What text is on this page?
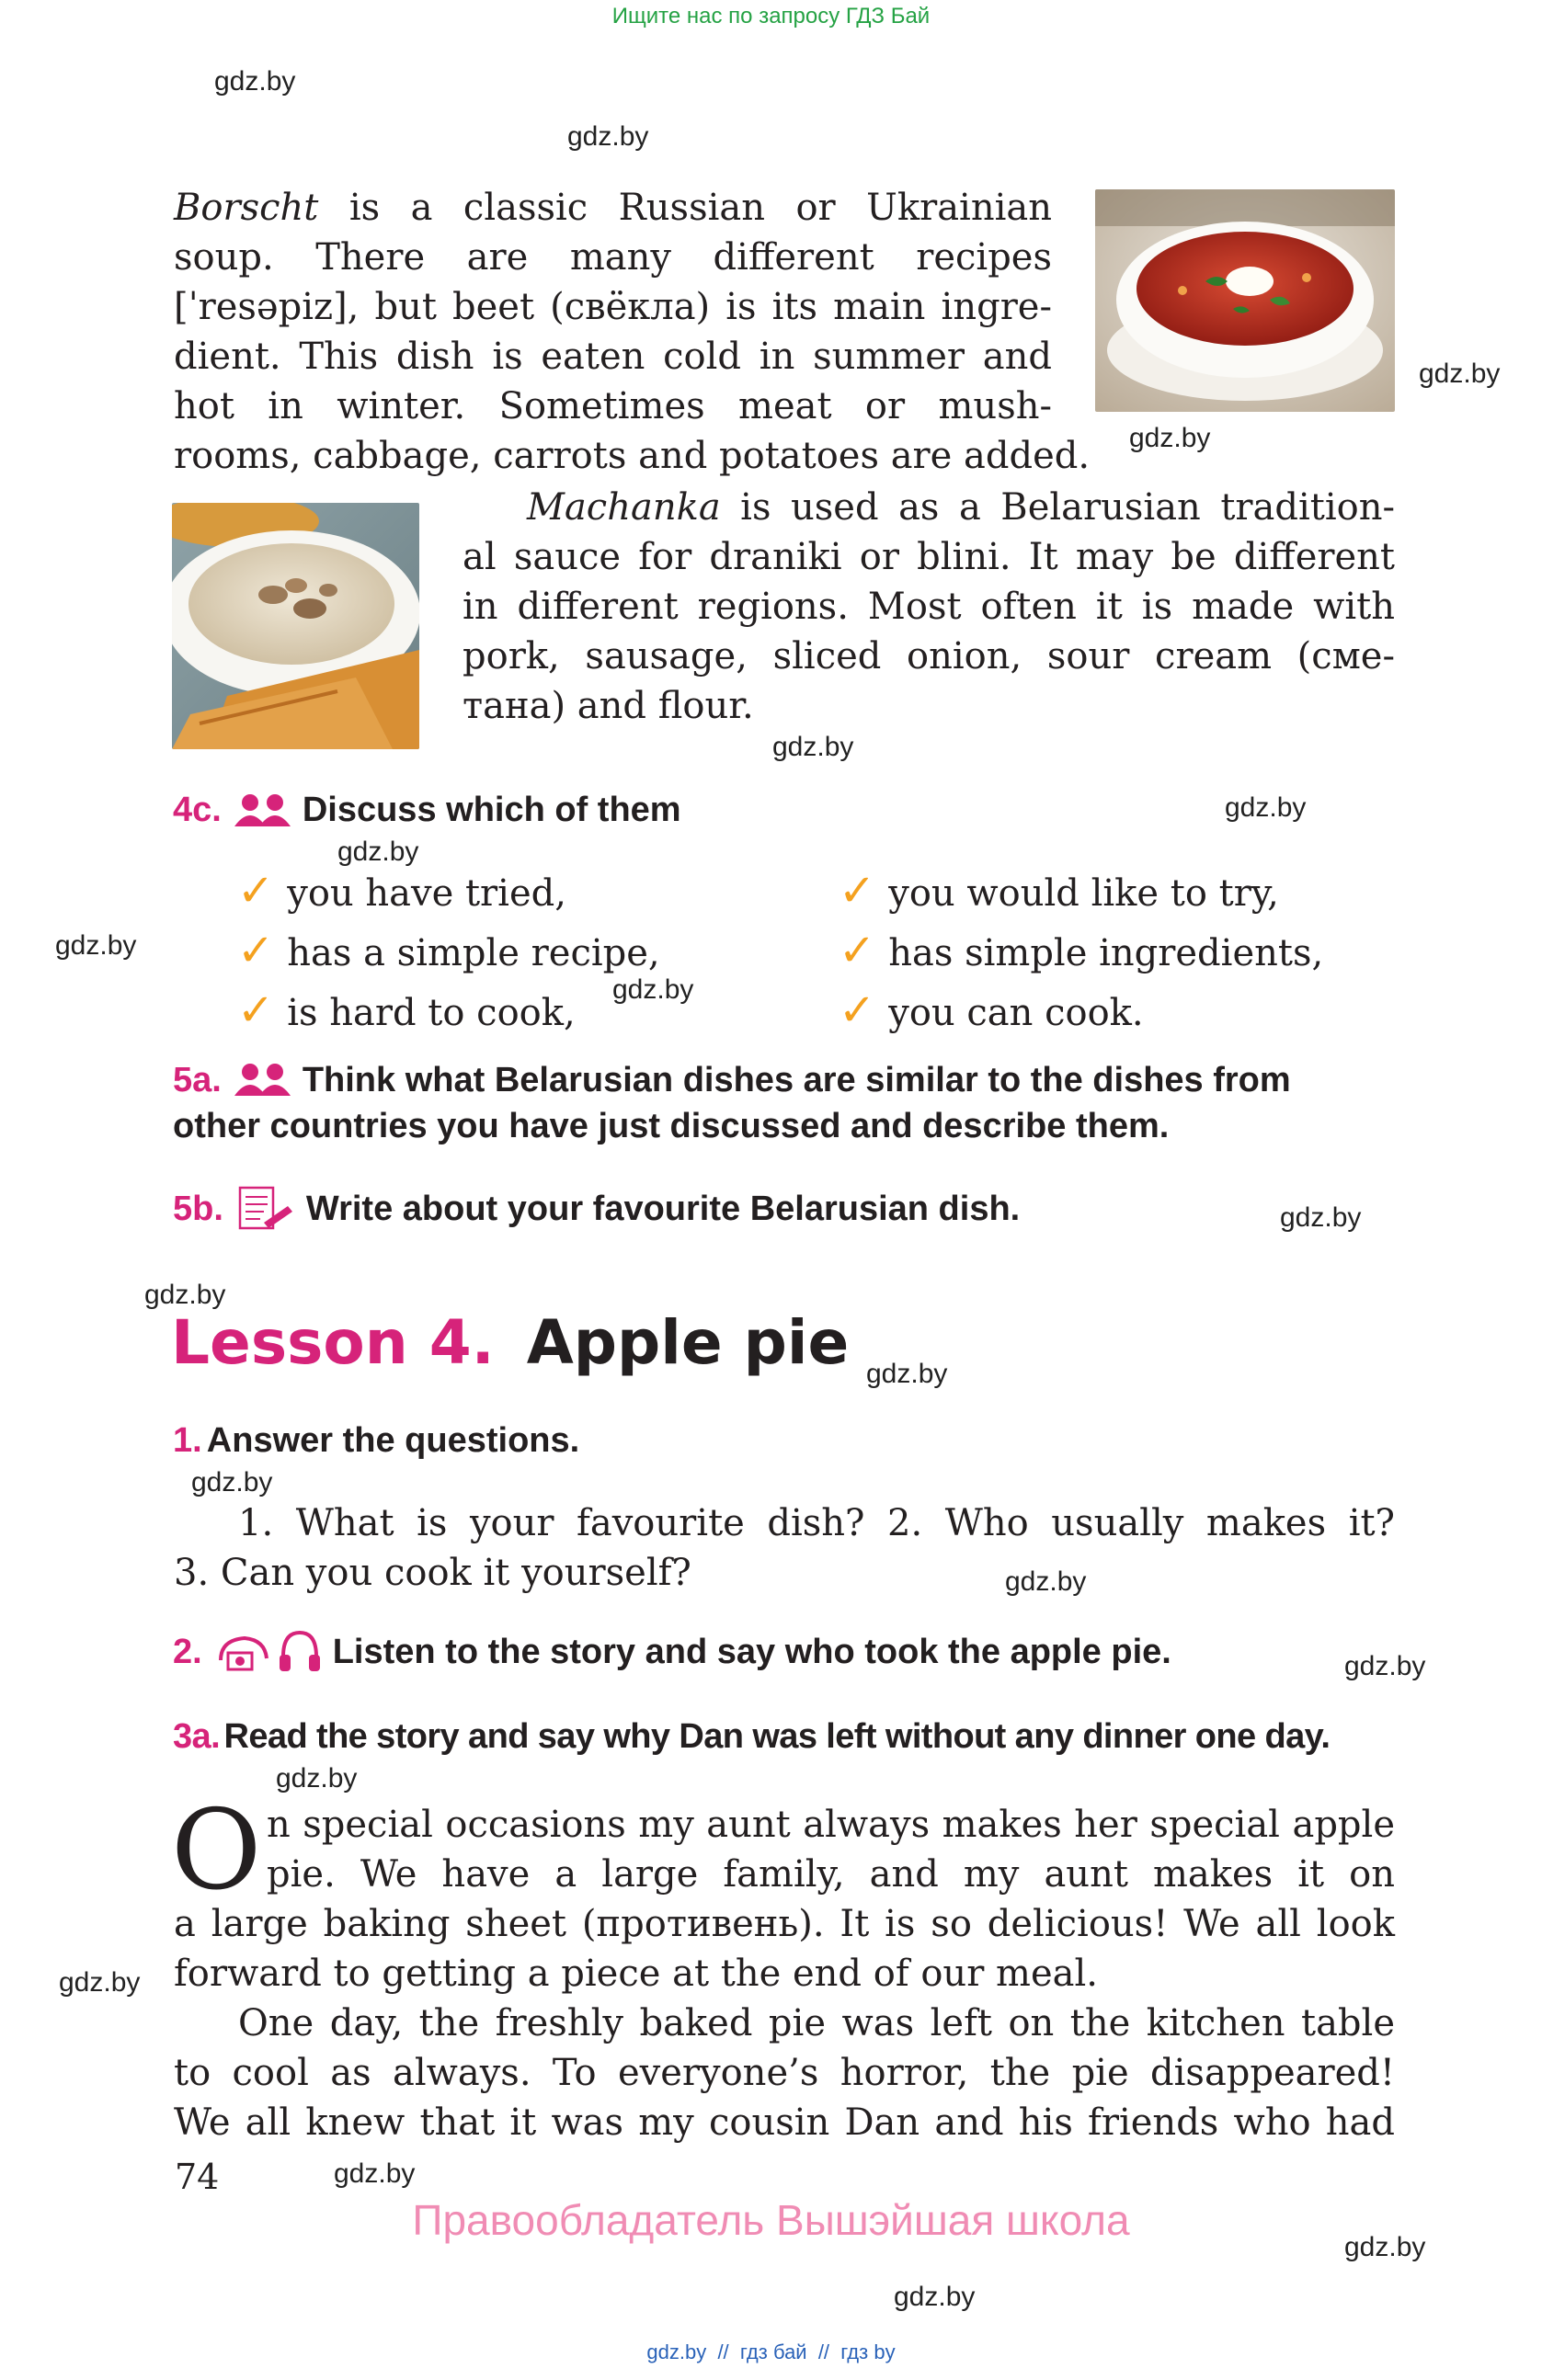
Ищите нас по запросу ГДЗ Бай
gdz.by
gdz.by
gdz.by
gdz.by
gdz.by
gdz.by
gdz.by
gdz.by
gdz.by
gdz.by
gdz.by
gdz.by
gdz.by
gdz.by
gdz.by
gdz.by
gdz.by
gdz.by
gdz.by
gdz.by
Borscht is a classic Russian or Ukrainian
soup. There are many different recipes
[ˈresəpiz], but beet (свёкла) is its main ingre-
dient. This dish is eaten cold in summer and
hot in winter. Sometimes meat or mush-
rooms, cabbage, carrots and potatoes are added.
Machanka is used as a Belarusian tradition-
al sauce for draniki or blini. It may be different
in different regions. Most often it is made with
pork, sausage, sliced onion, sour cream (сме-
тана) and flour.
4c. Discuss which of them
✓ you have tried,
✓ has a simple recipe,
✓ is hard to cook,
✓ you would like to try,
✓ has simple ingredients,
✓ you can cook.
5a. Think what Belarusian dishes are similar to the dishes from
other countries you have just discussed and describe them.
5b. Write about your favourite Belarusian dish.
Lesson 4. Apple pie
1. Answer the questions.
1. What is your favourite dish? 2. Who usually makes it?
3. Can you cook it yourself?
2.	Listen to the story and say who took the apple pie.
3a. Read the story and say why Dan was left without any dinner one day.
O n special occasions my aunt always makes her special apple
pie. We have a large family, and my aunt makes it on
a large baking sheet (противень). It is so delicious! We all look
forward to getting a piece at the end of our meal.
One day, the freshly baked pie was left on the kitchen table
to cool as always. To everyone’s horror, the pie disappeared!
We all knew that it was my cousin Dan and his friends who had
74
Правообладатель Вышэйшая школа
gdz.by  //  гдз бай  //  гдз by
